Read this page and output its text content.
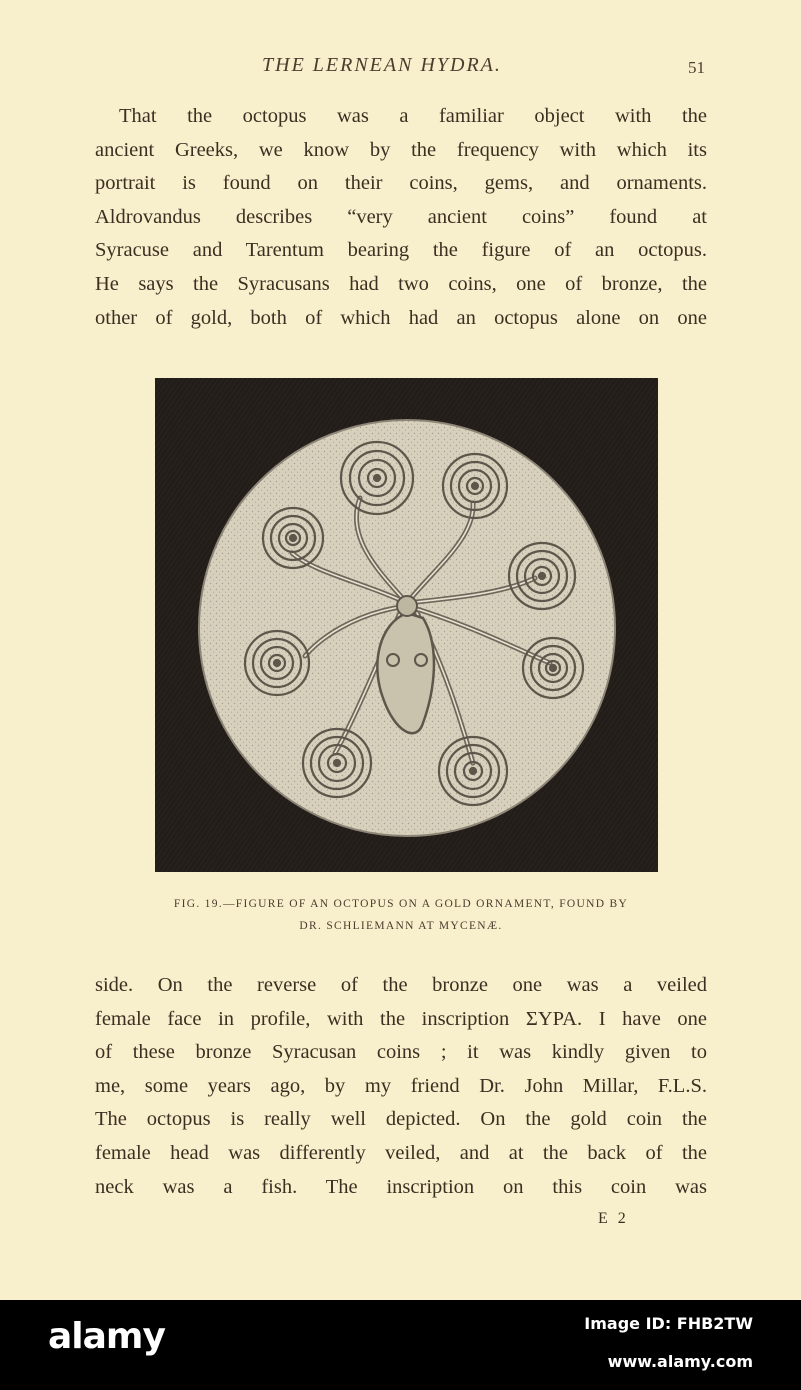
THE LERNEAN HYDRA.	51

That the octopus was a familiar object with the
ancient Greeks, we know by the frequency with which its
portrait is found on their coins, gems, and ornaments.
Aldrovandus describes “very ancient coins” found at
Syracuse and Tarentum bearing the figure of an octopus.
He says the Syracusans had two coins, one of bronze, the
other of gold, both of which had an octopus alone on one

FIG. 19.—FIGURE OF AN OCTOPUS ON A GOLD ORNAMENT, FOUND BY
DR. SCHLIEMANN AT MYCENÆ.

side. On the reverse of the bronze one was a veiled
female face in profile, with the inscription ΣΥΡΑ. I have one
of these bronze Syracusan coins ; it was kindly given to
me, some years ago, by my friend Dr. John Millar, F.L.S.
The octopus is really well depicted. On the gold coin the
female head was differently veiled, and at the back of the
neck was a fish. The inscription on this coin was

E 2
alamy	Image ID: FHB2TW
www.alamy.com
